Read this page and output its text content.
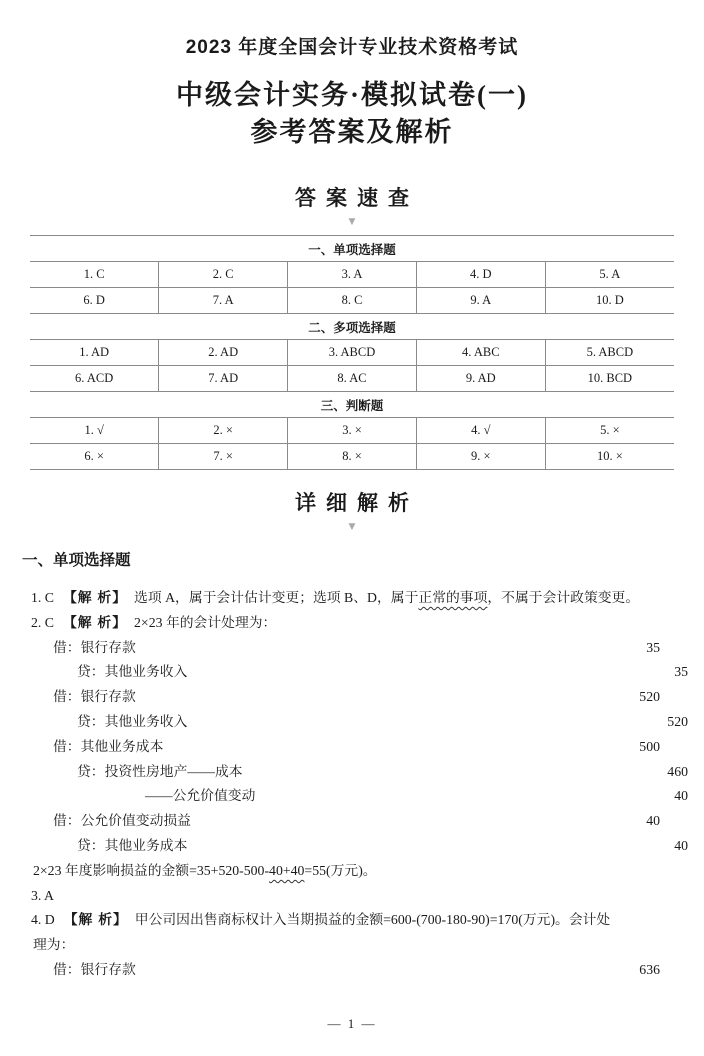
2023 年度全国会计专业技术资格考试
中级会计实务·模拟试卷(一)
参考答案及解析
答案速查
▼
一、单项选择题				
1. C	2. C	3. A	4. D	5. A
6. D	7. A	8. C	9. A	10. D
二、多项选择题				
1. AD	2. AD	3. ABCD	4. ABC	5. ABCD
6. ACD	7. AD	8. AC	9. AD	10. BCD
三、判断题				
1. √	2. ×	3. ×	4. √	5. ×
6. ×	7. ×	8. ×	9. ×	10. ×
详细解析
▼
一、单项选择题
1. C 【解 析】 选项 A，属于会计估计变更；选项 B、D，属于正常的事项，不属于会计政策变更。
2. C 【解 析】 2×23 年的会计处理为：
借：银行存款	35
贷：其他业务收入	35
借：银行存款	520
贷：其他业务收入	520
借：其他业务成本	500
贷：投资性房地产——成本	460
——公允价值变动	40
借：公允价值变动损益	40
贷：其他业务成本	40
2×23 年度影响损益的金额=35+520-500-40+40=55(万元)。
3. A
4. D 【解 析】 甲公司因出售商标权计入当期损益的金额=600-(700-180-90)=170(万元)。会计处
理为：
借：银行存款	636
— 1 —
